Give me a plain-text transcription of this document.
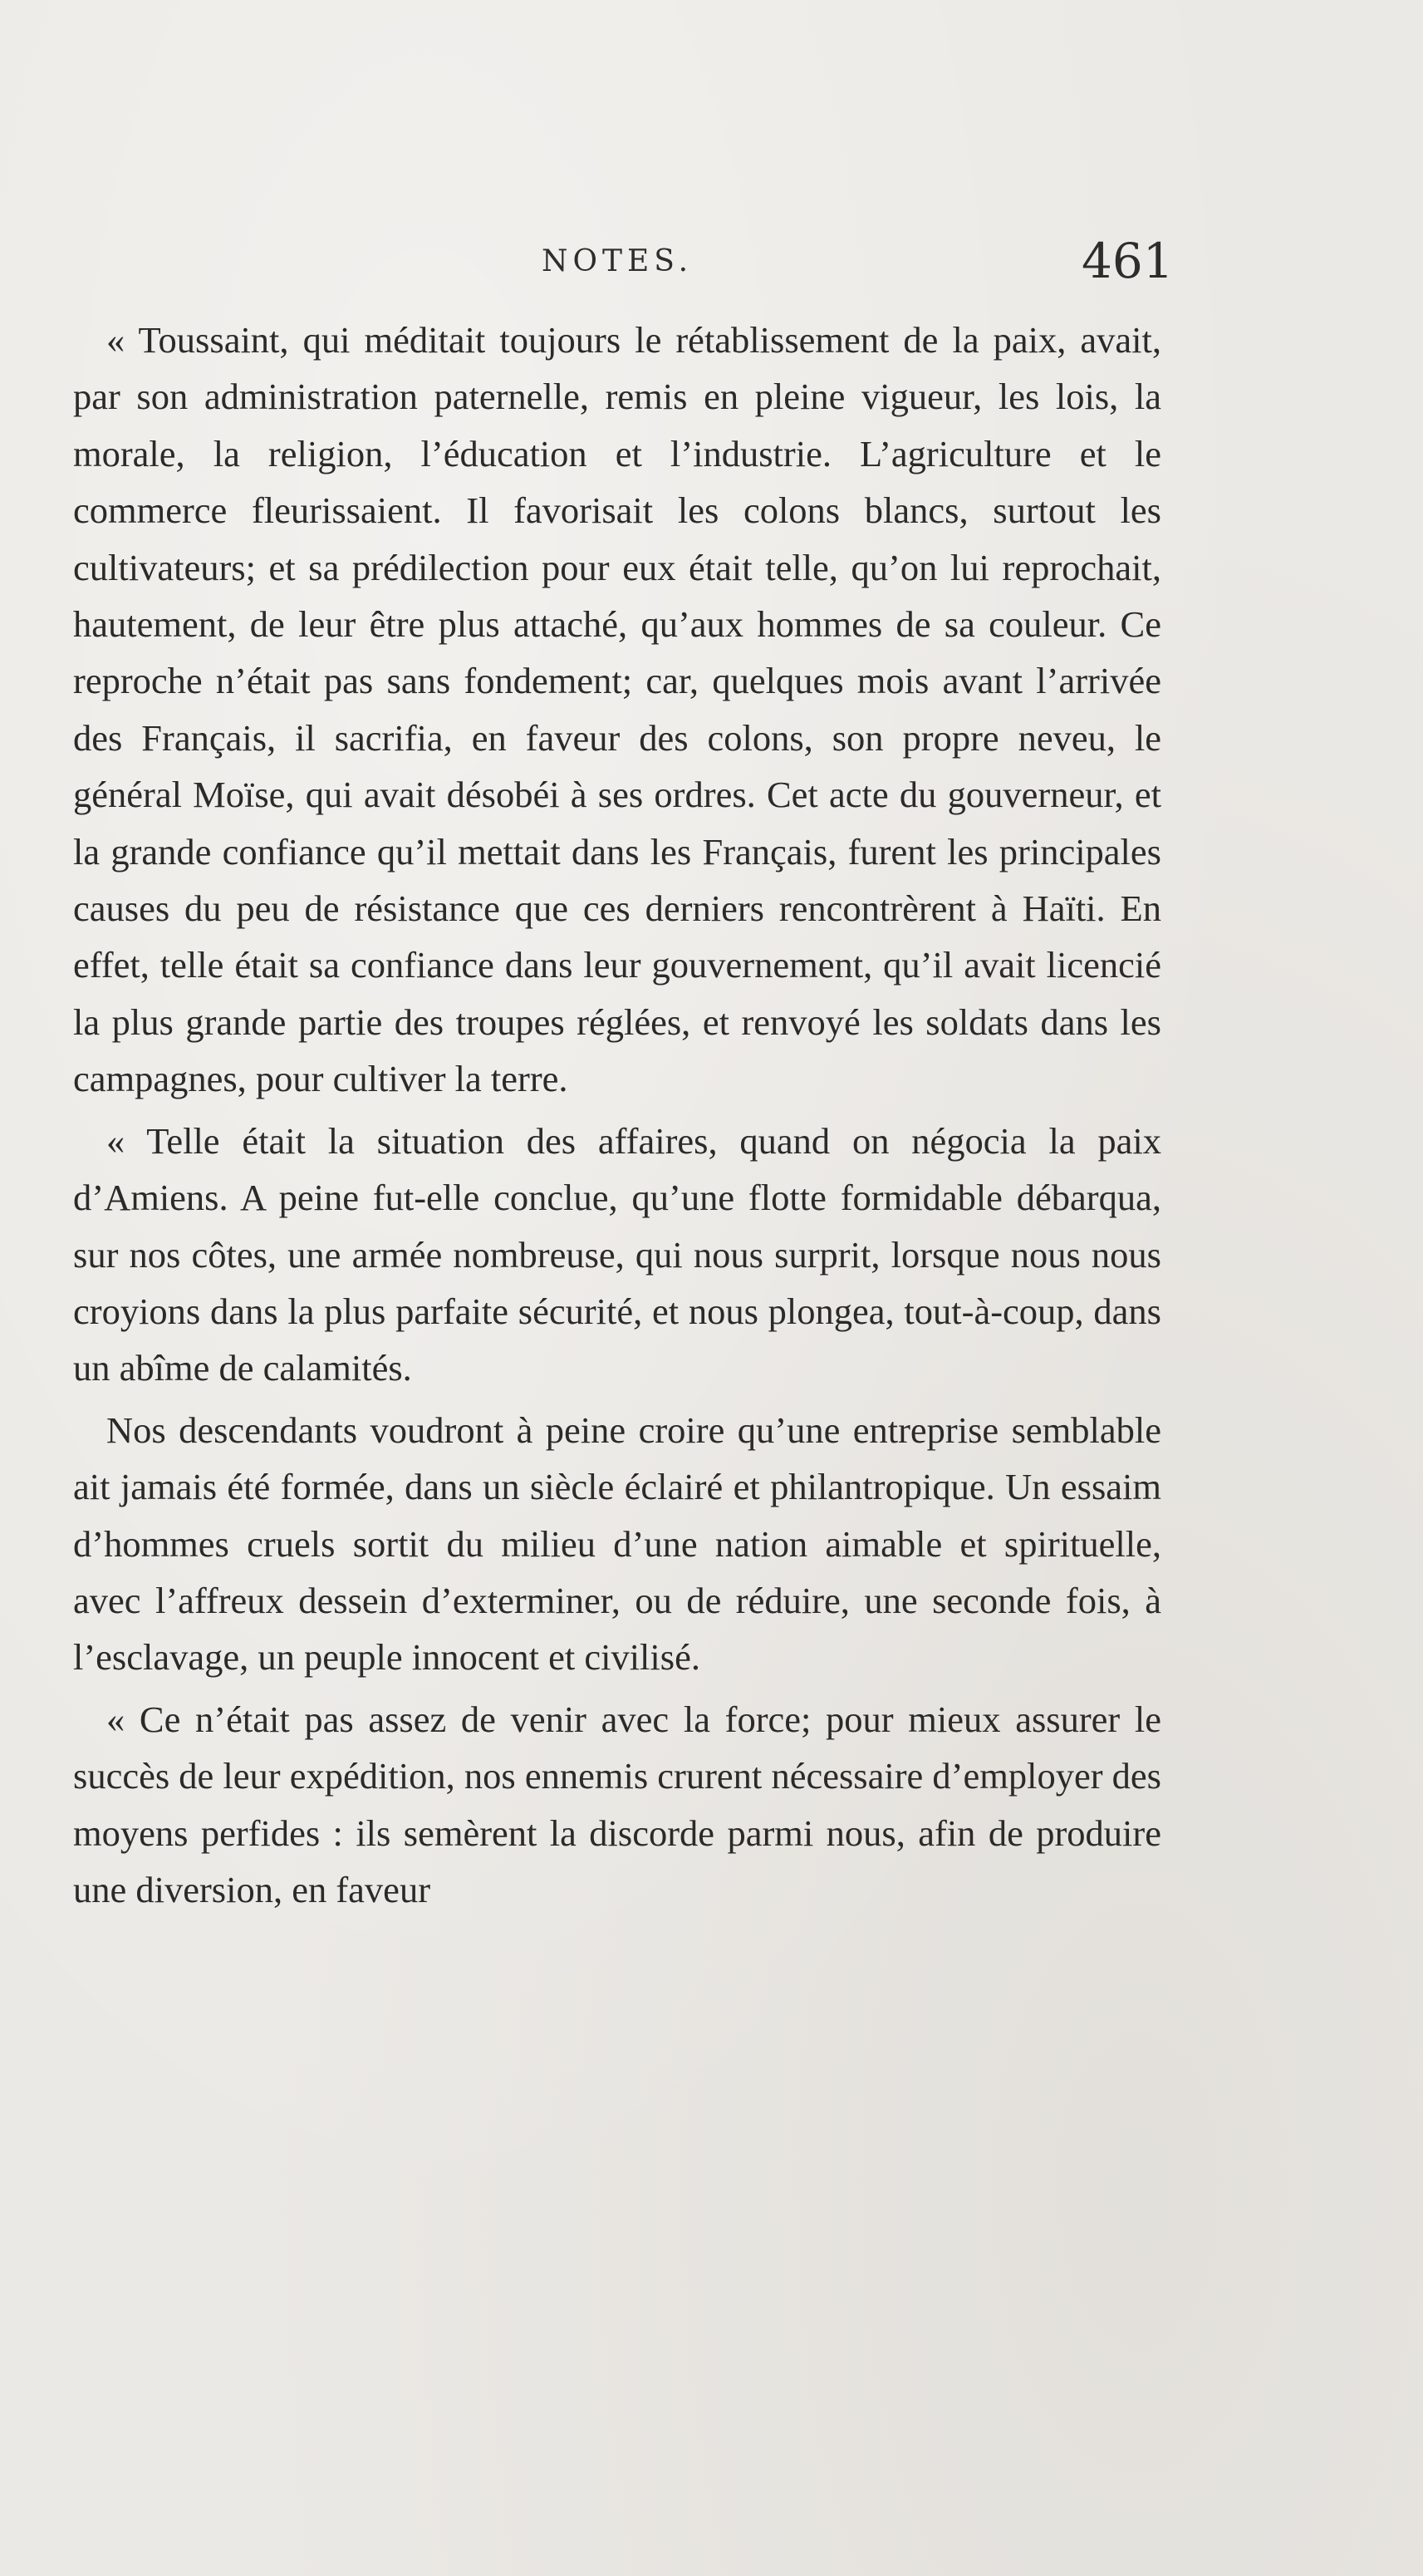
NOTES.	461

« Toussaint, qui méditait toujours le rétablissement de la paix, avait, par son administration paternelle, remis en pleine vigueur, les lois, la morale, la religion, l’éducation et l’industrie. L’agriculture et le commerce fleurissaient. Il favorisait les colons blancs, surtout les cultivateurs; et sa prédilection pour eux était telle, qu’on lui reprochait, hautement, de leur être plus attaché, qu’aux hommes de sa couleur. Ce reproche n’était pas sans fondement; car, quelques mois avant l’arrivée des Français, il sacrifia, en faveur des colons, son propre neveu, le général Moïse, qui avait désobéi à ses ordres. Cet acte du gouverneur, et la grande confiance qu’il mettait dans les Français, furent les principales causes du peu de résistance que ces derniers rencontrèrent à Haïti. En effet, telle était sa confiance dans leur gouvernement, qu’il avait licencié la plus grande partie des troupes réglées, et renvoyé les soldats dans les campagnes, pour cultiver la terre.

« Telle était la situation des affaires, quand on négocia la paix d’Amiens. A peine fut-elle conclue, qu’une flotte formidable débarqua, sur nos côtes, une armée nombreuse, qui nous surprit, lorsque nous nous croyions dans la plus parfaite sécurité, et nous plongea, tout-à-coup, dans un abîme de calamités.

Nos descendants voudront à peine croire qu’une entreprise semblable ait jamais été formée, dans un siècle éclairé et philantropique. Un essaim d’hommes cruels sortit du milieu d’une nation aimable et spirituelle, avec l’affreux dessein d’exterminer, ou de réduire, une seconde fois, à l’esclavage, un peuple innocent et civilisé.

« Ce n’était pas assez de venir avec la force; pour mieux assurer le succès de leur expédition, nos ennemis crurent nécessaire d’employer des moyens perfides : ils semèrent la discorde parmi nous, afin de produire une diversion, en faveur
